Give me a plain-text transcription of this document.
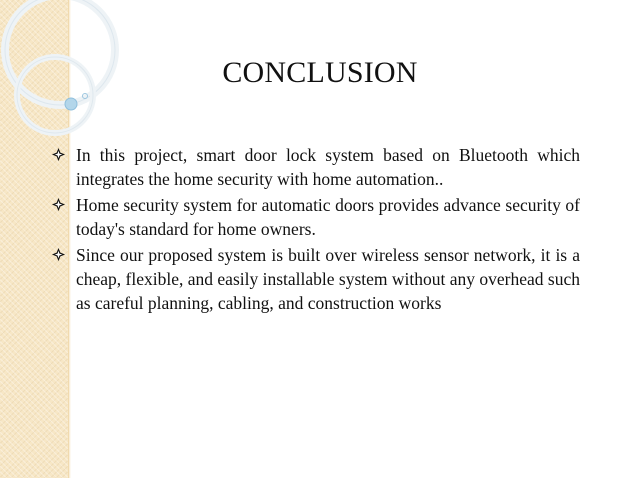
CONCLUSION
In this project, smart door lock system based on Bluetooth which integrates the home security with home automation..
Home security system for automatic doors provides advance security of today's standard for home owners.
Since our proposed system is built over wireless sensor network, it is a cheap, flexible, and easily installable system without any overhead such as careful planning, cabling, and construction works
